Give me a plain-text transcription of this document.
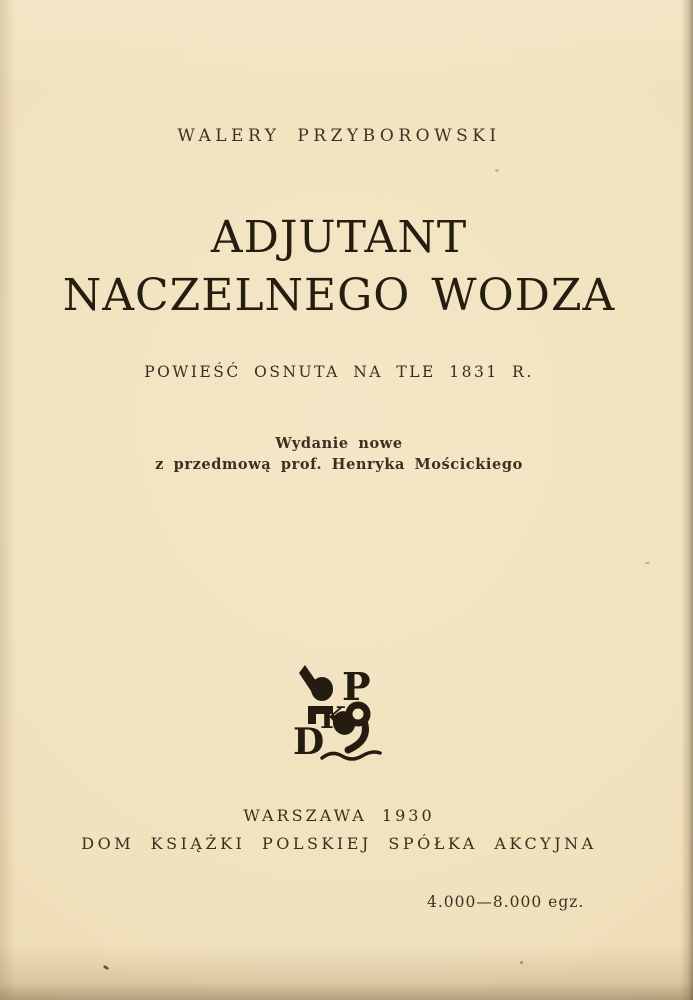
WALERY PRZYBOROWSKI
ADJUTANT
NACZELNEGO WODZA
POWIEŚĆ OSNUTA NA TLE 1831 R.
Wydanie nowe
z przedmową prof. Henryka Mościckiego
P
K
D
WARSZAWA 1930
DOM KSIĄŻKI POLSKIEJ SPÓŁKA AKCYJNA
4.000—8.000 egz.
